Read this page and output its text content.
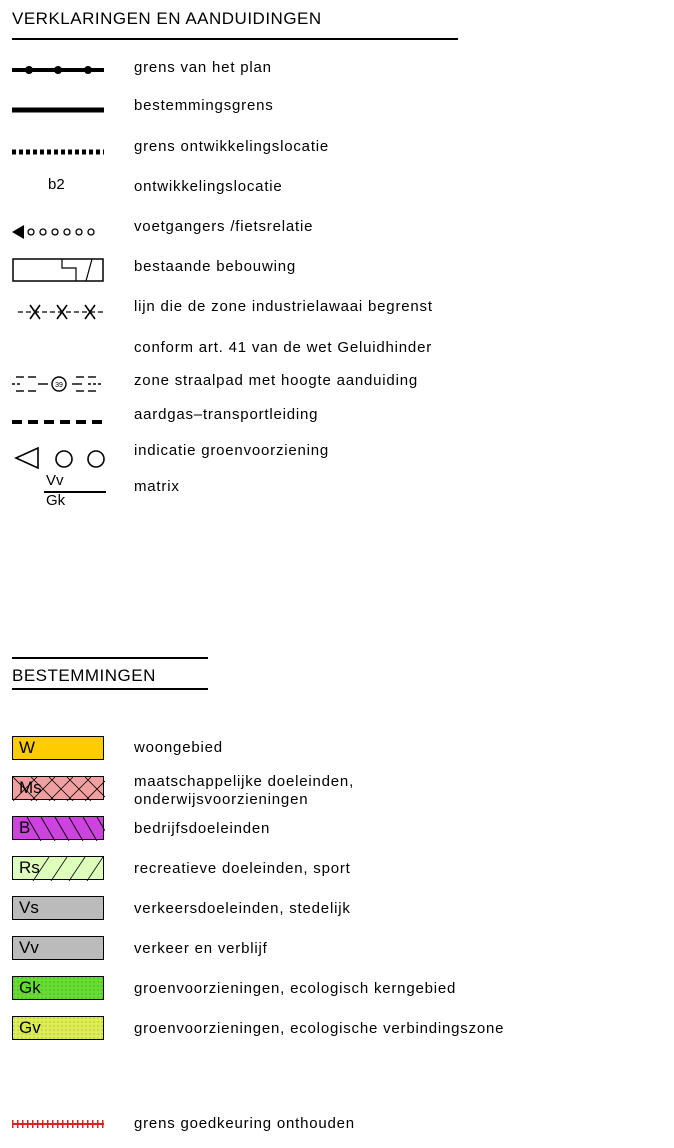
VERKLARINGEN EN AANDUIDINGEN
grens van het plan
bestemmingsgrens
grens ontwikkelingslocatie
b2	ontwikkelingslocatie
voetgangers /fietsrelatie
bestaande bebouwing
lijn die de zone industrielawaai begrenst
conform art. 41 van de wet Geluidhinder
39	zone straalpad met hoogte aanduiding
aardgas–transportleiding
indicatie groenvoorziening
Vv
Gk
matrix
BESTEMMINGEN
W	woongebied
Ms	maatschappelijke doeleinden,
onderwijsvoorzieningen
B	bedrijfsdoeleinden
Rs	recreatieve doeleinden, sport
Vs	verkeersdoeleinden, stedelijk
Vv	verkeer en verblijf
Gk	groenvoorzieningen, ecologisch kerngebied
Gv	groenvoorzieningen, ecologische verbindingszone
grens goedkeuring onthouden
